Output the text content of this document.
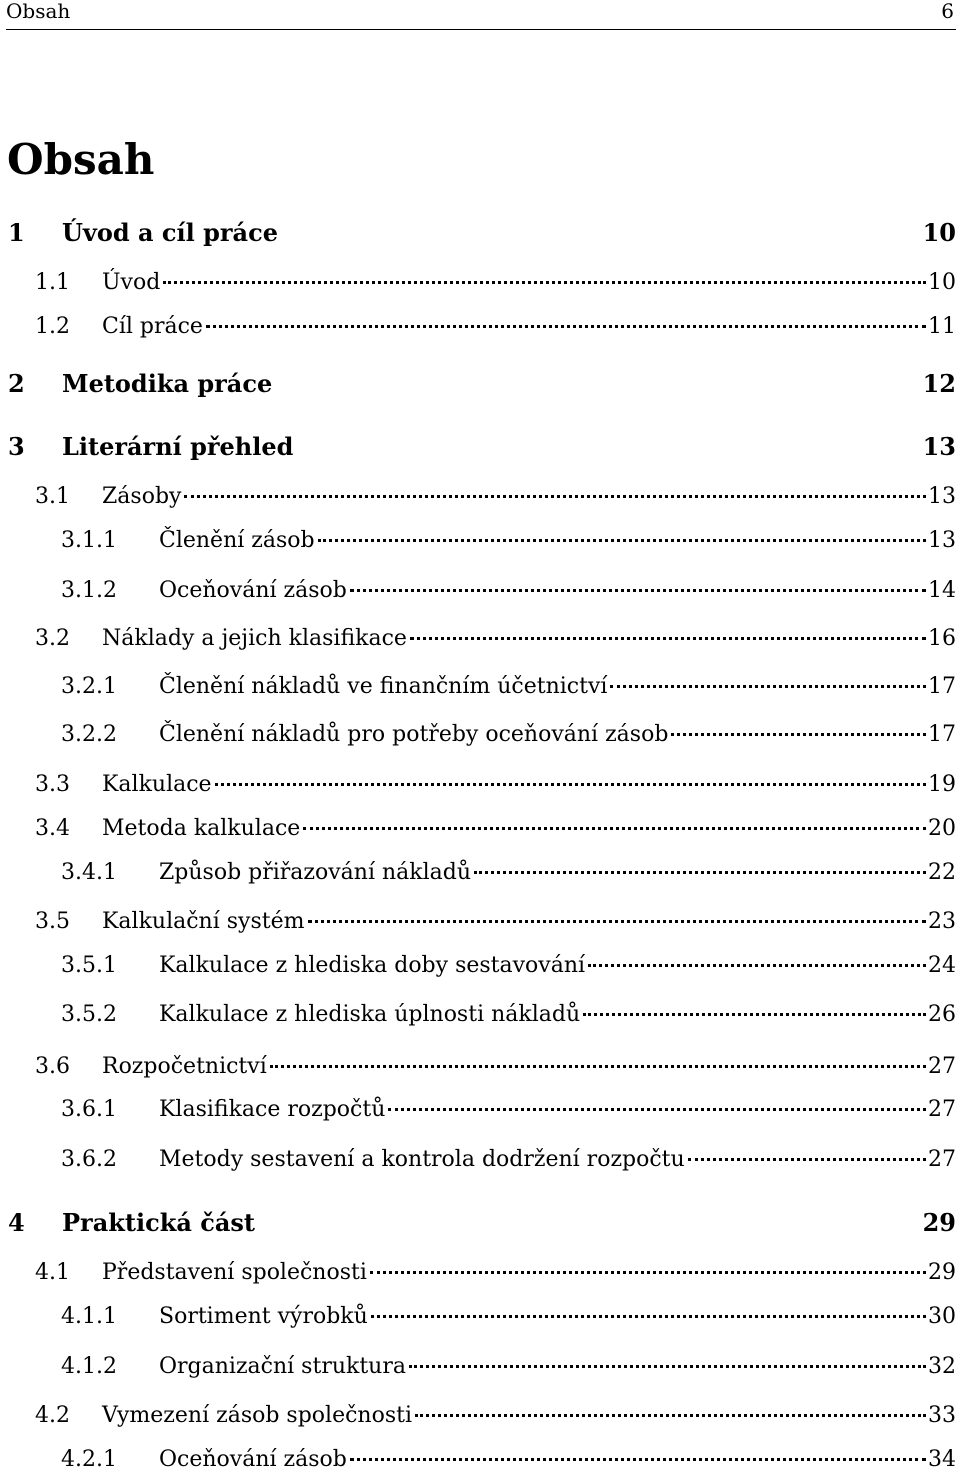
Obsah	6
Obsah
1 Úvod a cíl práce	10
1.1 Úvod	10
1.2 Cíl práce	11
2 Metodika práce	12
3 Literární přehled	13
3.1 Zásoby	13
3.1.1 Členění zásob	13
3.1.2 Oceňování zásob	14
3.2 Náklady a jejich klasifikace	16
3.2.1 Členění nákladů ve finančním účetnictví	17
3.2.2 Členění nákladů pro potřeby oceňování zásob	17
3.3 Kalkulace	19
3.4 Metoda kalkulace	20
3.4.1 Způsob přiřazování nákladů	22
3.5 Kalkulační systém	23
3.5.1 Kalkulace z hlediska doby sestavování	24
3.5.2 Kalkulace z hlediska úplnosti nákladů	26
3.6 Rozpočetnictví	27
3.6.1 Klasifikace rozpočtů	27
3.6.2 Metody sestavení a kontrola dodržení rozpočtu	27
4 Praktická část	29
4.1 Představení společnosti	29
4.1.1 Sortiment výrobků	30
4.1.2 Organizační struktura	32
4.2 Vymezení zásob společnosti	33
4.2.1 Oceňování zásob	34
